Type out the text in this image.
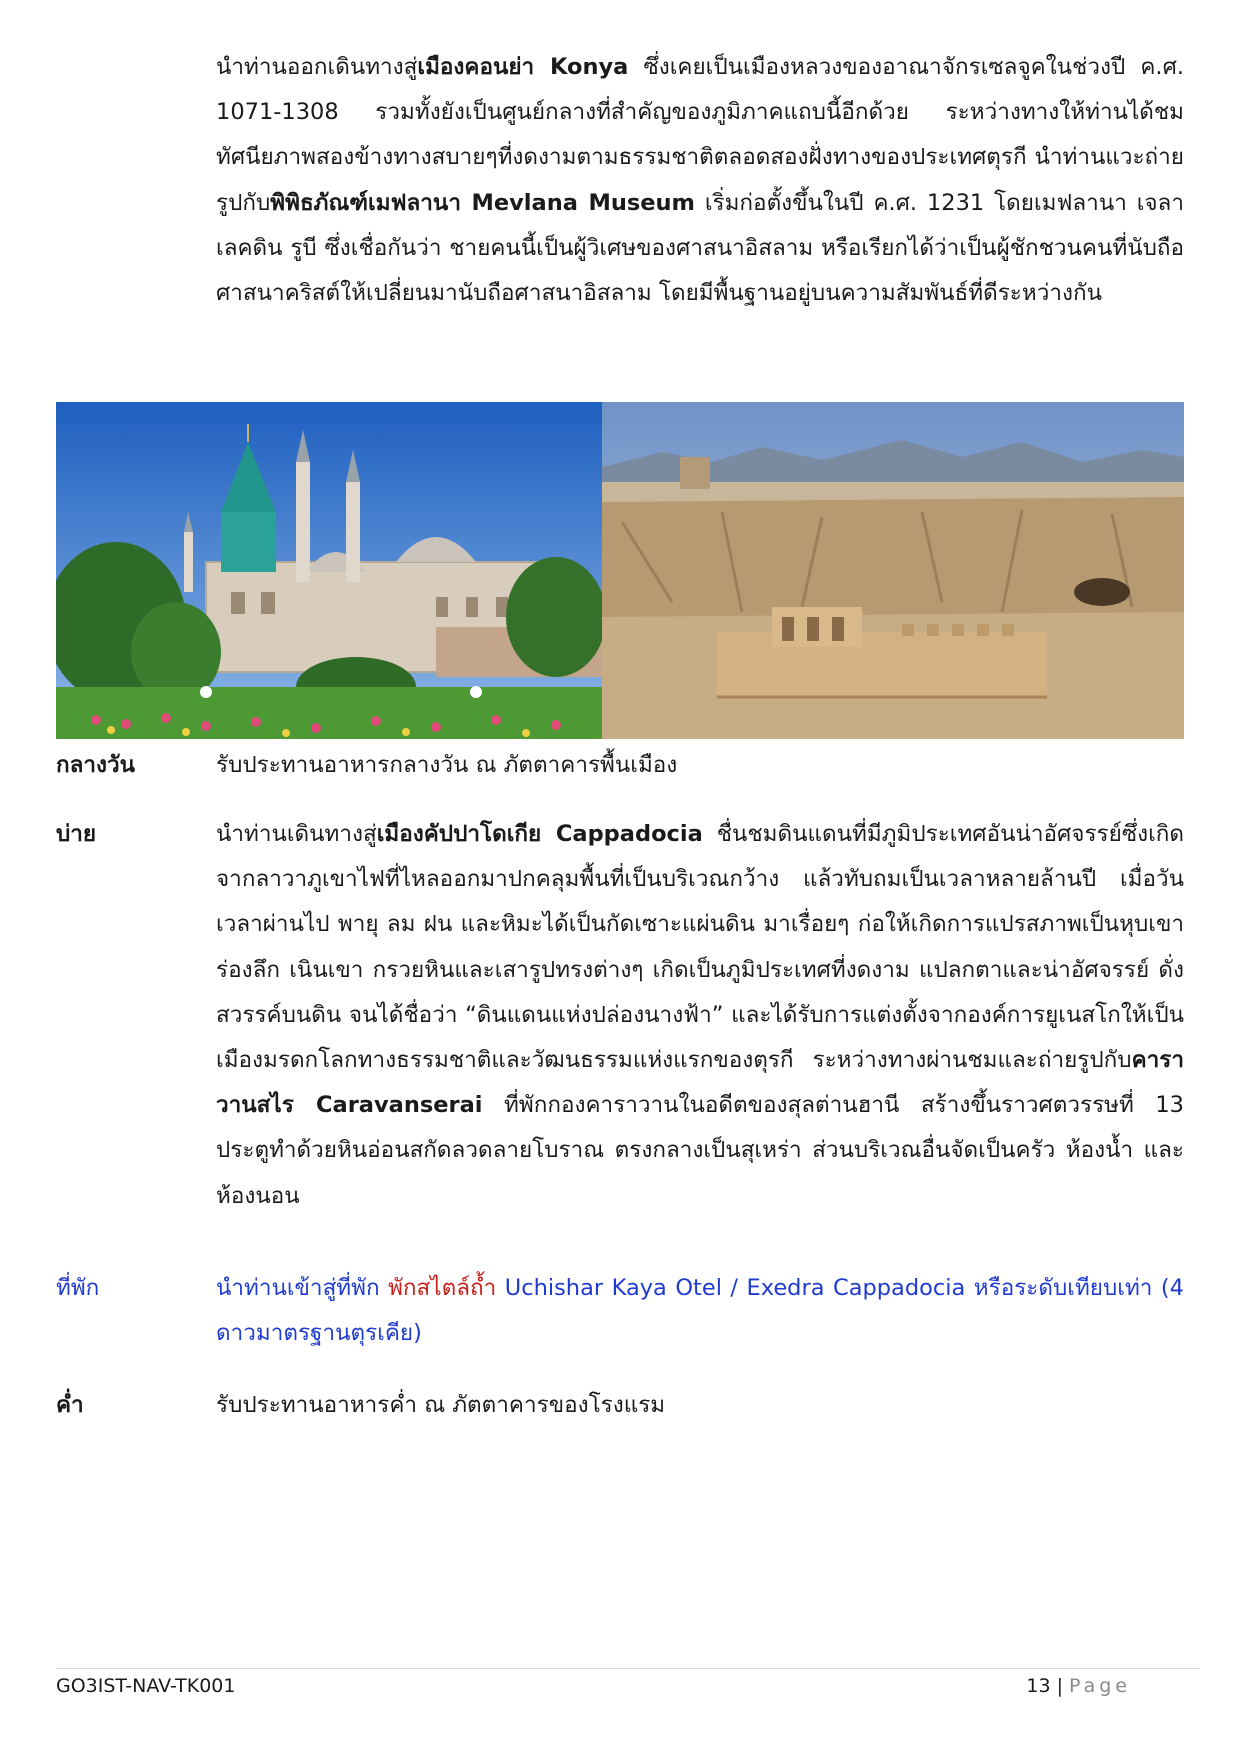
นำท่านออกเดินทางสู่เมืองคอนย่า Konya ซึ่งเคยเป็นเมืองหลวงของอาณาจักรเซลจูคในช่วงปี ค.ศ. 1071-1308 รวมทั้งยังเป็นศูนย์กลางที่สำคัญของภูมิภาคแถบนี้อีกด้วย ระหว่างทางให้ท่านได้ชมทัศนียภาพสองข้างทางสบายๆที่งดงามตามธรรมชาติตลอดสองฝั่งทางของประเทศตุรกี นำท่านแวะถ่ายรูปกับพิพิธภัณฑ์เมฟลานา Mevlana Museum เริ่มก่อตั้งขึ้นในปี ค.ศ. 1231 โดยเมฟลานา เจลาเลคดิน รูบี ซึ่งเชื่อกันว่า ชายคนนี้เป็นผู้วิเศษของศาสนาอิสลาม หรือเรียกได้ว่าเป็นผู้ชักชวนคนที่นับถือศาสนาคริสต์ให้เปลี่ยนมานับถือศาสนาอิสลาม โดยมีพื้นฐานอยู่บนความสัมพันธ์ที่ดีระหว่างกัน
กลางวัน	รับประทานอาหารกลางวัน ณ ภัตตาคารพื้นเมือง
บ่าย	นำท่านเดินทางสู่เมืองคัปปาโดเกีย Cappadocia ชื่นชมดินแดนที่มีภูมิประเทศอันน่าอัศจรรย์ซึ่งเกิดจากลาวาภูเขาไฟที่ไหลออกมาปกคลุมพื้นที่เป็นบริเวณกว้าง แล้วทับถมเป็นเวลาหลายล้านปี เมื่อวันเวลาผ่านไป พายุ ลม ฝน และหิมะได้เป็นกัดเซาะแผ่นดิน มาเรื่อยๆ ก่อให้เกิดการแปรสภาพเป็นหุบเขาร่องลึก เนินเขา กรวยหินและเสารูปทรงต่างๆ เกิดเป็นภูมิประเทศที่งดงาม แปลกตาและน่าอัศจรรย์ ดั่งสวรรค์บนดิน จนได้ชื่อว่า “ดินแดนแห่งปล่องนางฟ้า” และได้รับการแต่งตั้งจากองค์การยูเนสโกให้เป็นเมืองมรดกโลกทางธรรมชาติและวัฒนธรรมแห่งแรกของตุรกี ระหว่างทางผ่านชมและถ่ายรูปกับคาราวานสไร Caravanserai ที่พักกองคาราวานในอดีตของสุลต่านฮานี สร้างขึ้นราวศตวรรษที่ 13 ประตูทำด้วยหินอ่อนสกัดลวดลายโบราณ ตรงกลางเป็นสุเหร่า ส่วนบริเวณอื่นจัดเป็นครัว ห้องน้ำ และห้องนอน
ที่พัก	นำท่านเข้าสู่ที่พัก พักสไตล์ถ้ำ Uchishar Kaya Otel / Exedra Cappadocia หรือระดับเทียบเท่า (4 ดาวมาตรฐานตุรเคีย)
ค่ำ	รับประทานอาหารค่ำ ณ ภัตตาคารของโรงแรม
GO3IST-NAV-TK001	13 | Page
